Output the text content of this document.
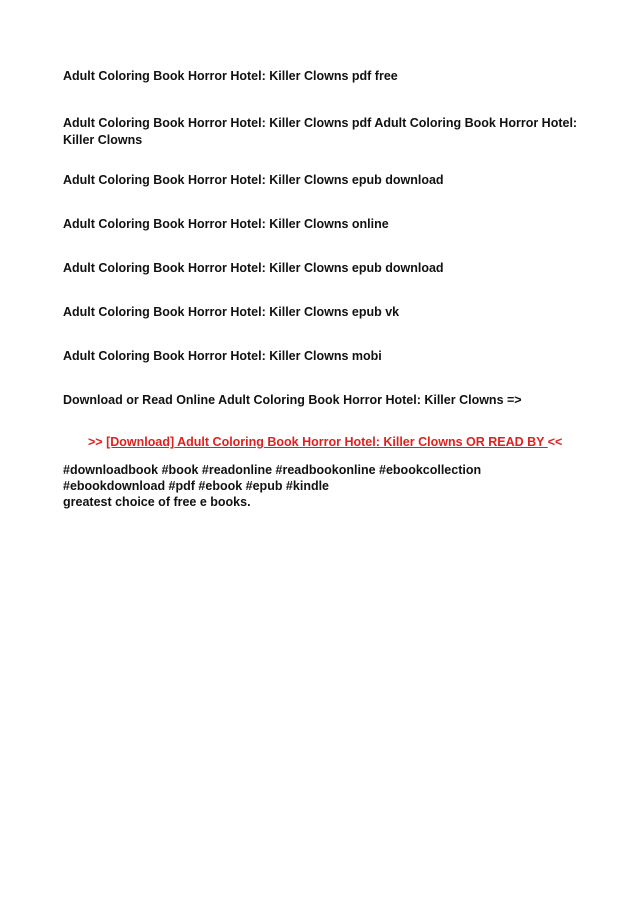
Adult Coloring Book Horror Hotel: Killer Clowns pdf free

Adult Coloring Book Horror Hotel: Killer Clowns pdf Adult Coloring Book Horror Hotel: Killer Clowns

Adult Coloring Book Horror Hotel: Killer Clowns epub download

Adult Coloring Book Horror Hotel: Killer Clowns online

Adult Coloring Book Horror Hotel: Killer Clowns epub download

Adult Coloring Book Horror Hotel: Killer Clowns epub vk

Adult Coloring Book Horror Hotel: Killer Clowns mobi

Download or Read Online Adult Coloring Book Horror Hotel: Killer Clowns =>

>> [Download] Adult Coloring Book Horror Hotel: Killer Clowns OR READ BY <<

#downloadbook #book #readonline #readbookonline #ebookcollection
#ebookdownload #pdf #ebook #epub #kindle
greatest choice of free e books.
